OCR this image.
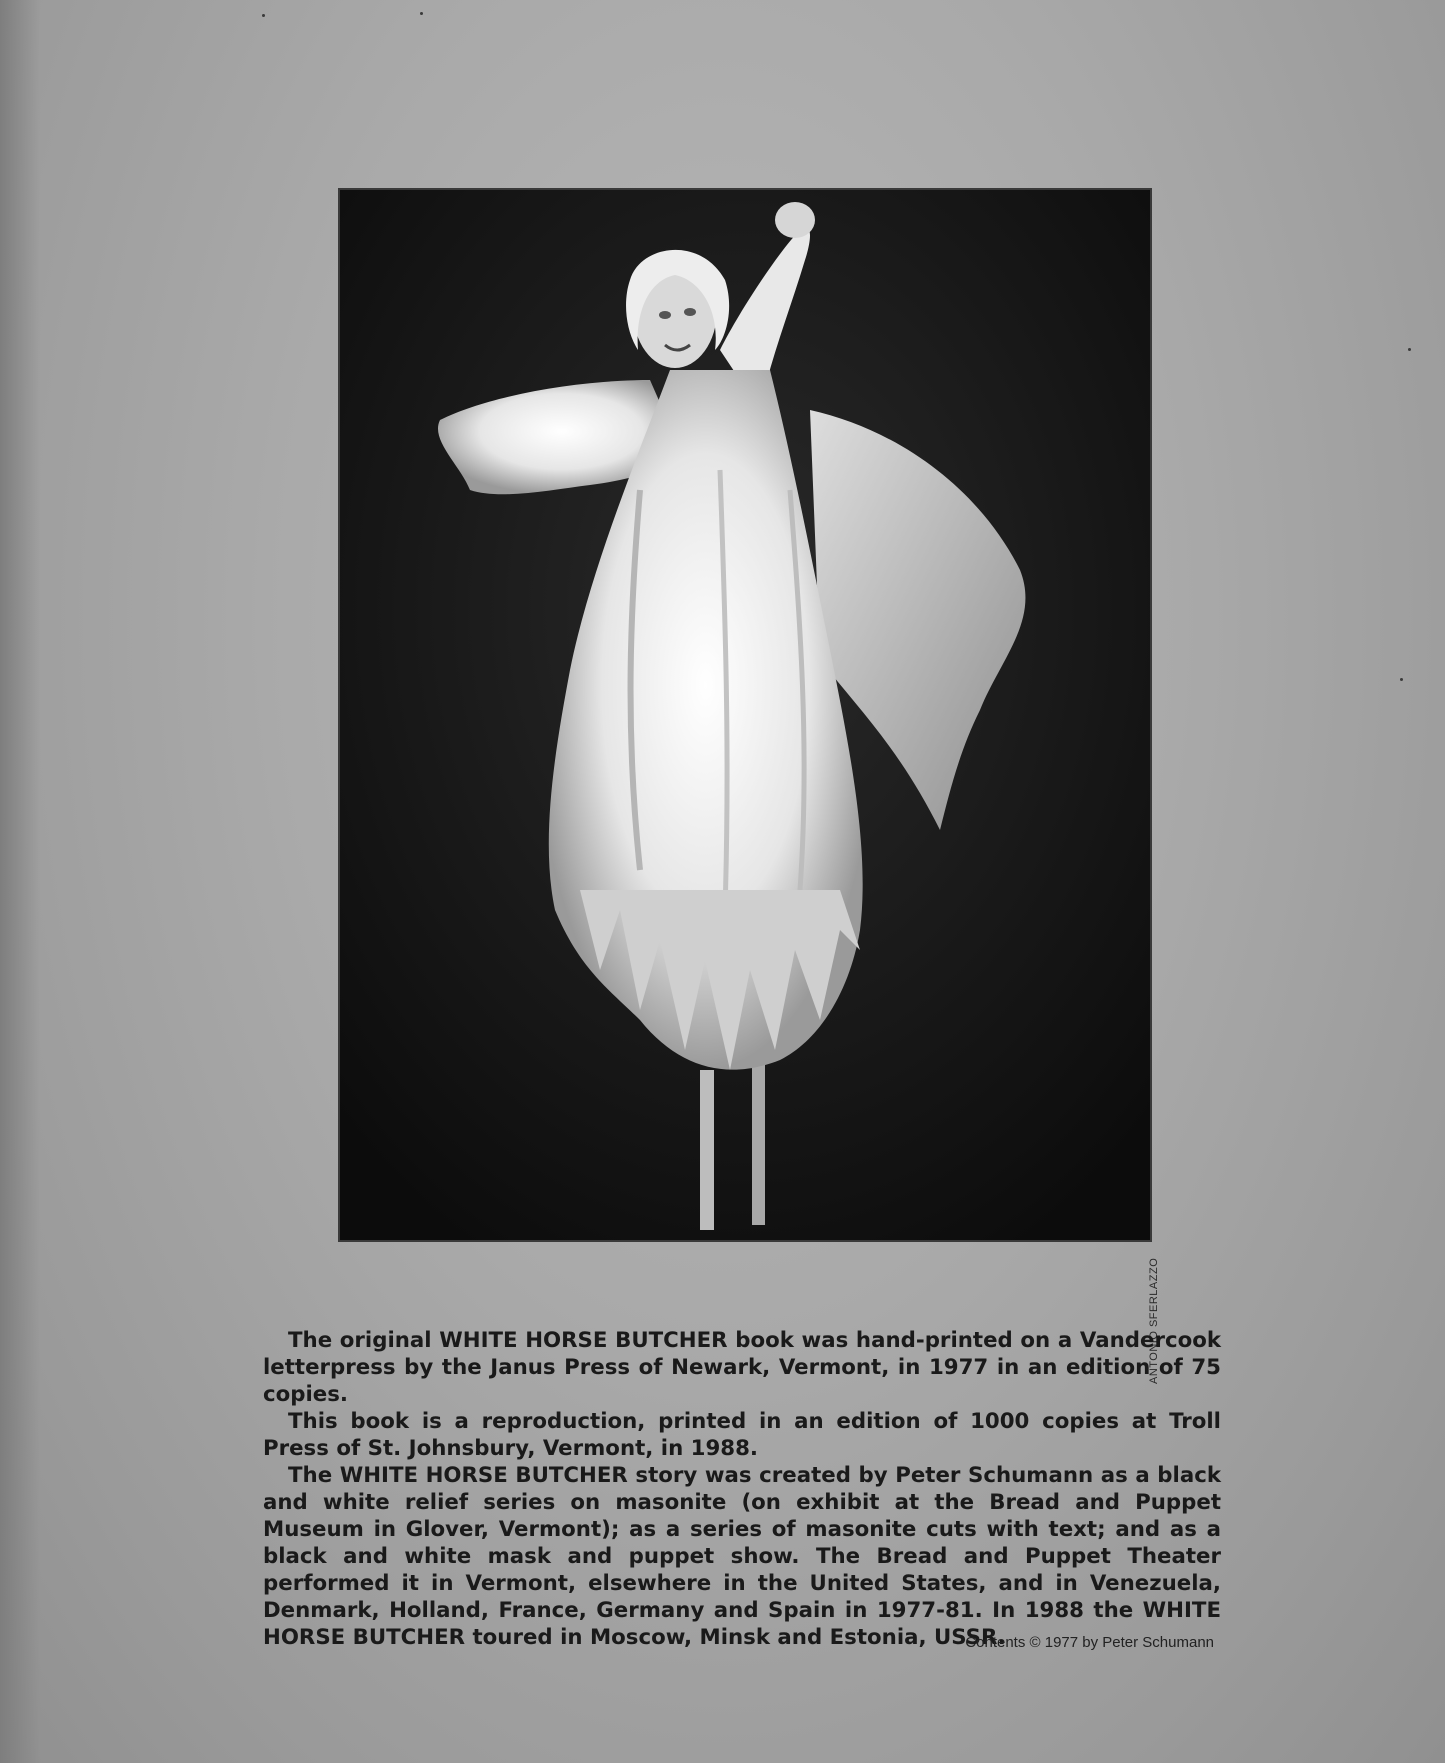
ANTONIO SFERLAZZO

The original WHITE HORSE BUTCHER book was hand-printed on a Vandercook letterpress by the Janus Press of Newark, Vermont, in 1977 in an edition of 75 copies.

This book is a reproduction, printed in an edition of 1000 copies at Troll Press of St. Johnsbury, Vermont, in 1988.

The WHITE HORSE BUTCHER story was created by Peter Schumann as a black and white relief series on masonite (on exhibit at the Bread and Puppet Museum in Glover, Vermont); as a series of masonite cuts with text; and as a black and white mask and puppet show. The Bread and Puppet Theater performed it in Vermont, elsewhere in the United States, and in Venezuela, Denmark, Holland, France, Germany and Spain in 1977-81. In 1988 the WHITE HORSE BUTCHER toured in Moscow, Minsk and Estonia, USSR.

Contents © 1977 by Peter Schumann
